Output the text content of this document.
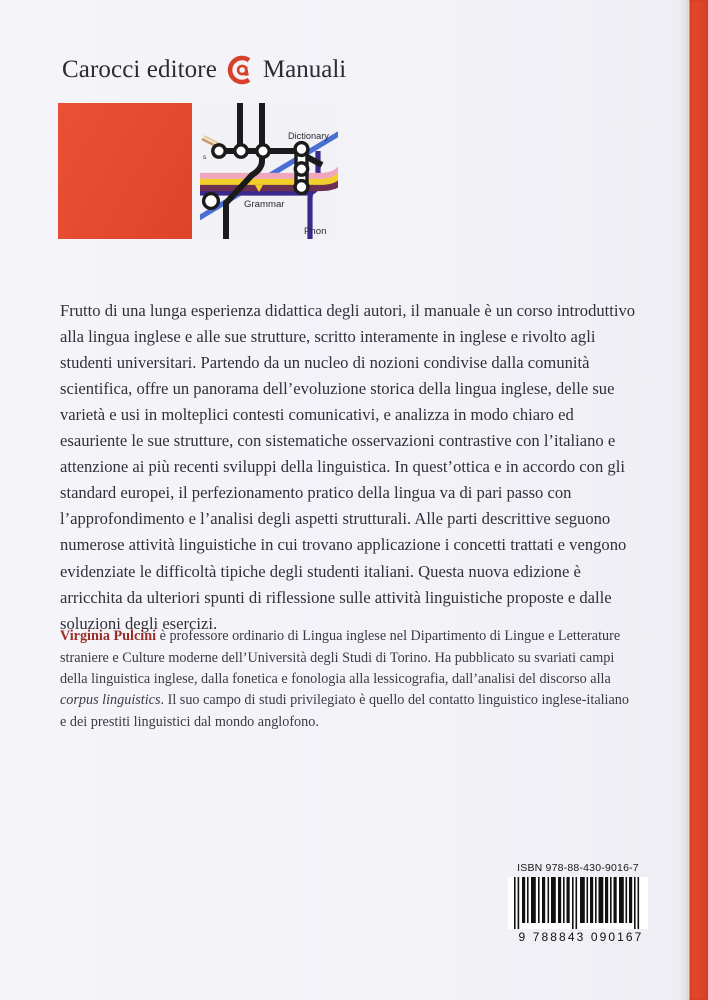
Carocci editore Manuali
Dictionary
Grammar
Phon
s

Frutto di una lunga esperienza didattica degli autori, il manuale è un corso introduttivo alla lingua inglese e alle sue strutture, scritto interamente in inglese e rivolto agli studenti universitari. Partendo da un nucleo di nozioni condivise dalla comunità scientifica, offre un panorama dell’evoluzione storica della lingua inglese, delle sue varietà e usi in molteplici contesti comunicativi, e analizza in modo chiaro ed esauriente le sue strutture, con sistematiche osservazioni contrastive con l’italiano e attenzione ai più recenti sviluppi della linguistica. In quest’ottica e in accordo con gli standard europei, il perfezionamento pratico della lingua va di pari passo con l’approfondimento e l’analisi degli aspetti strutturali. Alle parti descrittive seguono numerose attività linguistiche in cui trovano applicazione i concetti trattati e vengono evidenziate le difficoltà tipiche degli studenti italiani. Questa nuova edizione è arricchita da ulteriori spunti di riflessione sulle attività linguistiche proposte e dalle soluzioni degli esercizi.

Virginia Pulcini è professore ordinario di Lingua inglese nel Dipartimento di Lingue e Letterature straniere e Culture moderne dell’Università degli Studi di Torino. Ha pubblicato su svariati campi della linguistica inglese, dalla fonetica e fonologia alla lessicografia, dall’analisi del discorso alla corpus linguistics. Il suo campo di studi privilegiato è quello del contatto linguistico inglese-italiano e dei prestiti linguistici dal mondo anglofono.

ISBN 978-88-430-9016-7
9 788843 090167
